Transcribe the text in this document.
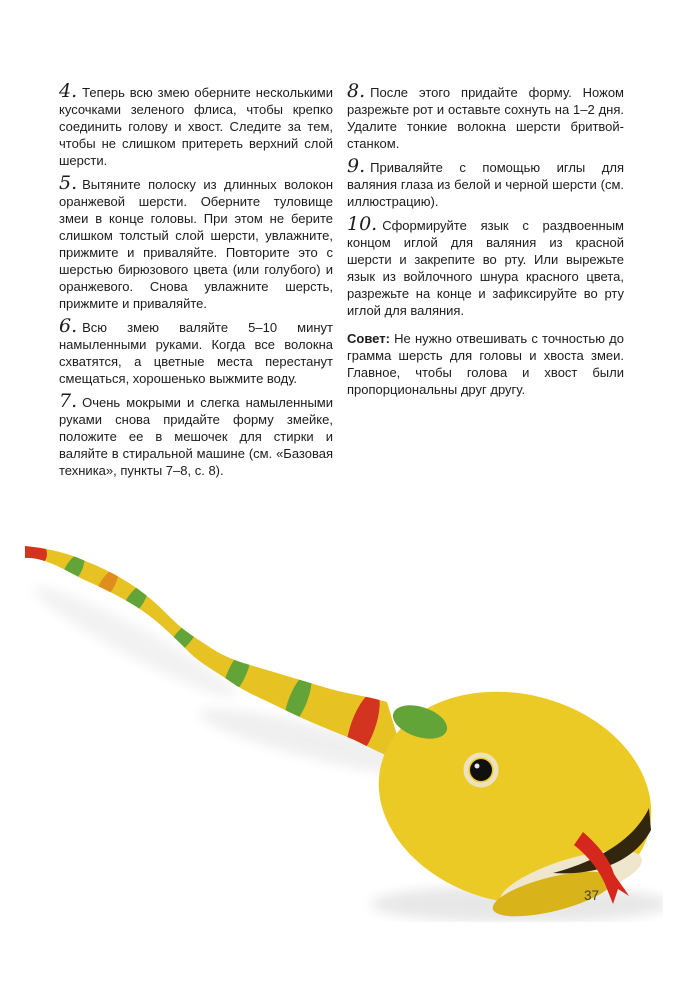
4. Теперь всю змею оберните несколькими кусочками зеленого флиса, чтобы крепко соединить голову и хвост. Следите за тем, чтобы не слишком притереть верхний слой шерсти.

5. Вытяните полоску из длинных волокон оранжевой шерсти. Оберните туловище змеи в конце головы. При этом не берите слишком толстый слой шерсти, увлажните, прижмите и приваляйте. Повторите это с шерстью бирюзового цвета (или голубого) и оранжевого. Снова увлажните шерсть, прижмите и приваляйте.

6. Всю змею валяйте 5–10 минут намыленными руками. Когда все волокна схватятся, а цветные места перестанут смещаться, хорошенько выжмите воду.

7. Очень мокрыми и слегка намыленными руками снова придайте форму змейке, положите ее в мешочек для стирки и валяйте в стиральной машине (см. «Базовая техника», пункты 7–8, с. 8).

8. После этого придайте форму. Ножом разрежьте рот и оставьте сохнуть на 1–2 дня. Удалите тонкие волокна шерсти бритвой-станком.

9. Приваляйте с помощью иглы для валяния глаза из белой и черной шерсти (см. иллюстрацию).

10. Сформируйте язык с раздвоенным концом иглой для валяния из красной шерсти и закрепите во рту. Или вырежьте язык из войлочного шнура красного цвета, разрежьте на конце и зафиксируйте во рту иглой для валяния.

Совет: Не нужно отвешивать с точностью до грамма шерсть для головы и хвоста змеи. Главное, чтобы голова и хвост были пропорциональны друг другу.

37
